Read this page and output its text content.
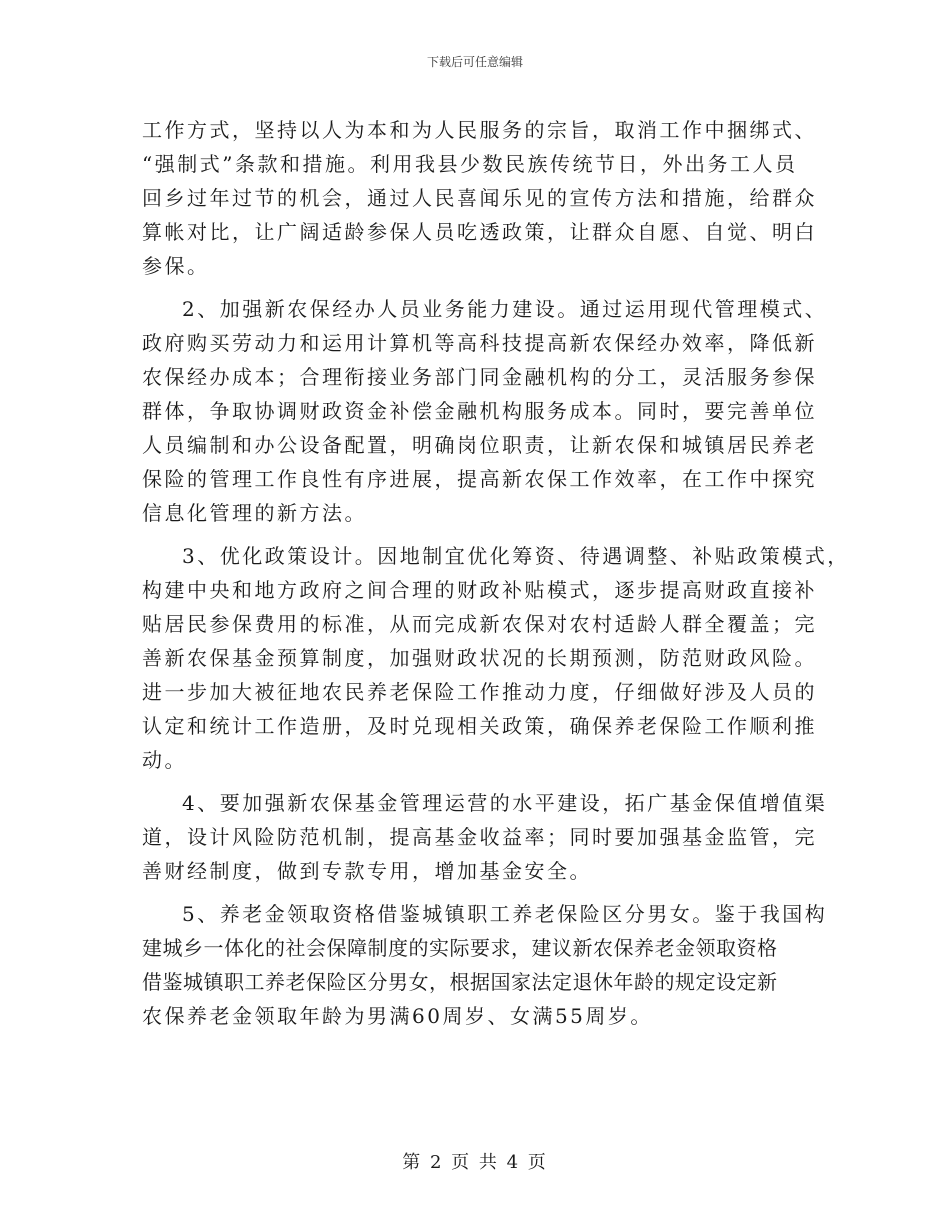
下载后可任意编辑
工作方式，坚持以人为本和为人民服务的宗旨，取消工作中捆绑式、
“强制式”条款和措施。利用我县少数民族传统节日，外出务工人员
回乡过年过节的机会，通过人民喜闻乐见的宣传方法和措施，给群众
算帐对比，让广阔适龄参保人员吃透政策，让群众自愿、自觉、明白
参保。
2、加强新农保经办人员业务能力建设。通过运用现代管理模式、
政府购买劳动力和运用计算机等高科技提高新农保经办效率，降低新
农保经办成本；合理衔接业务部门同金融机构的分工，灵活服务参保
群体，争取协调财政资金补偿金融机构服务成本。同时，要完善单位
人员编制和办公设备配置，明确岗位职责，让新农保和城镇居民养老
保险的管理工作良性有序进展，提高新农保工作效率，在工作中探究
信息化管理的新方法。
3、优化政策设计。因地制宜优化筹资、待遇调整、补贴政策模式，
构建中央和地方政府之间合理的财政补贴模式，逐步提高财政直接补
贴居民参保费用的标准，从而完成新农保对农村适龄人群全覆盖；完
善新农保基金预算制度，加强财政状况的长期预测，防范财政风险。
进一步加大被征地农民养老保险工作推动力度，仔细做好涉及人员的
认定和统计工作造册，及时兑现相关政策，确保养老保险工作顺利推
动。
4、要加强新农保基金管理运营的水平建设，拓广基金保值增值渠
道，设计风险防范机制，提高基金收益率；同时要加强基金监管，完
善财经制度，做到专款专用，增加基金安全。
5、养老金领取资格借鉴城镇职工养老保险区分男女。鉴于我国构
建城乡一体化的社会保障制度的实际要求，建议新农保养老金领取资格
借鉴城镇职工养老保险区分男女，根据国家法定退休年龄的规定设定新
农保养老金领取年龄为男满60周岁、女满55周岁。
第 2 页 共 4 页
